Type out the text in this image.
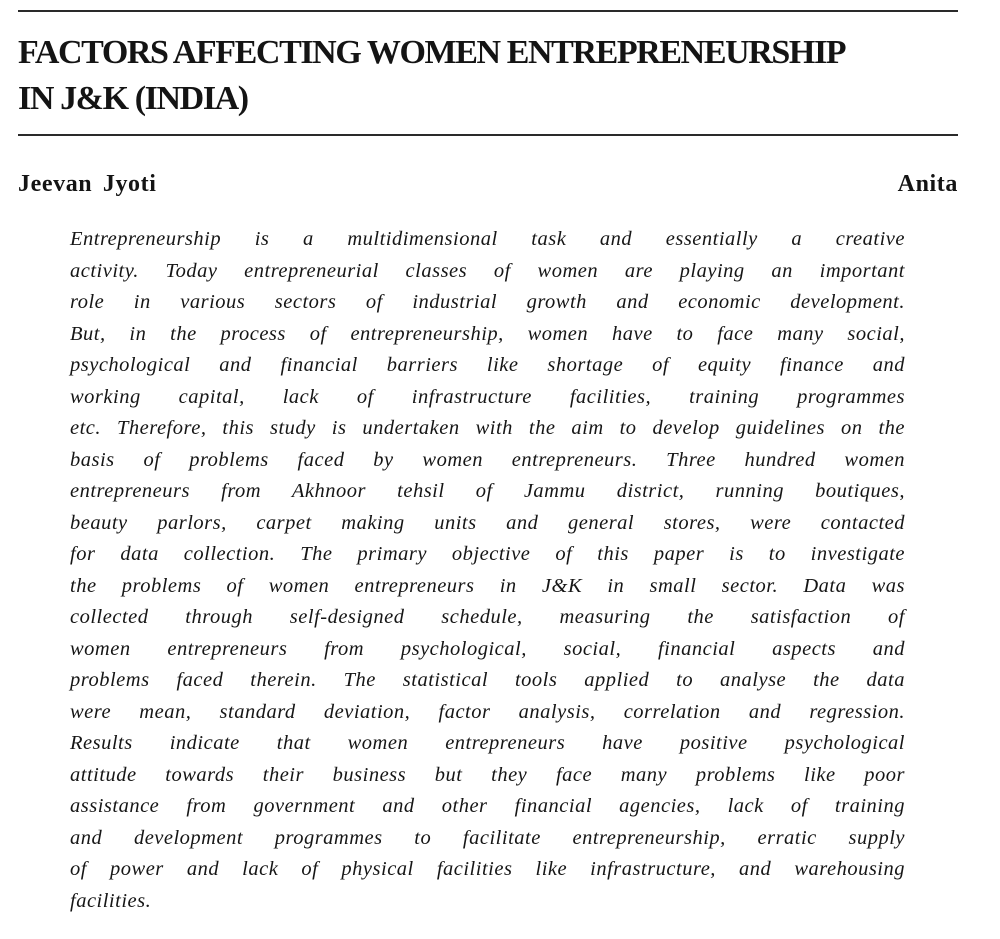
FACTORS AFFECTING WOMEN ENTREPRENEURSHIP
IN J&K (INDIA)

Jeevan Jyoti	Anita

Entrepreneurship is a multidimensional task and essentially a creative
activity. Today entrepreneurial classes of women are playing an important
role in various sectors of industrial growth and economic development.
But, in the process of entrepreneurship, women have to face many social,
psychological and financial barriers like shortage of equity finance and
working capital, lack of infrastructure facilities, training programmes
etc. Therefore, this study is undertaken with the aim to develop guidelines on the
basis of problems faced by women entrepreneurs. Three hundred women
entrepreneurs from Akhnoor tehsil of Jammu district, running boutiques,
beauty parlors, carpet making units and general stores, were contacted
for data collection. The primary objective of this paper is to investigate
the problems of women entrepreneurs in J&K in small sector. Data was
collected through self-designed schedule, measuring the satisfaction of
women entrepreneurs from psychological, social, financial aspects and
problems faced therein. The statistical tools applied to analyse the data
were mean, standard deviation, factor analysis, correlation and regression.
Results indicate that women entrepreneurs have positive psychological
attitude towards their business but they face many problems like poor
assistance from government and other financial agencies, lack of training
and development programmes to facilitate entrepreneurship, erratic supply
of power and lack of physical facilities like infrastructure, and warehousing
facilities.
